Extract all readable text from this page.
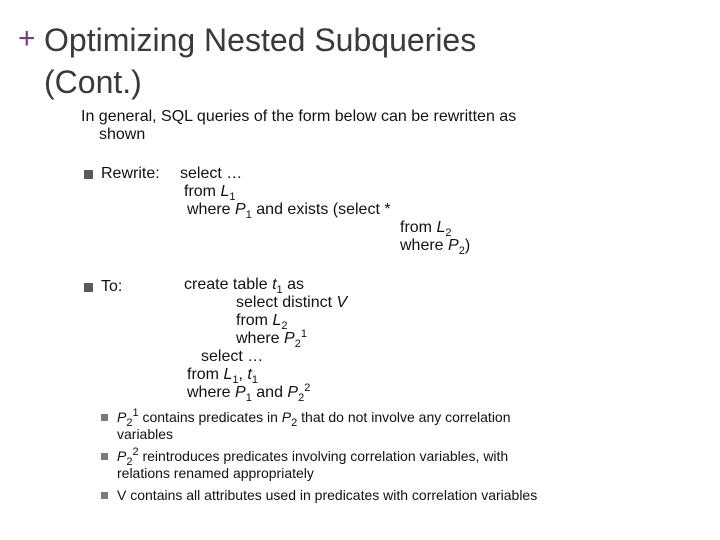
+ Optimizing Nested Subqueries
(Cont.)
In general, SQL queries of the form below can be rewritten as
shown
Rewrite: select …
from $L_1$
where $P_1$ and exists (select *
from $L_2$
where $P_2$)
To:	create table $t_1$ as
select distinct V
from $L_2$
where $P_2^1$
select …
from $L_1$, $t_1$
where $P_1$ and $P_2^2$
$P_2^1$ contains predicates in $P_2$ that do not involve any correlation
variables
$P_2^2$ reintroduces predicates involving correlation variables, with
relations renamed appropriately
V contains all attributes used in predicates with correlation variables
